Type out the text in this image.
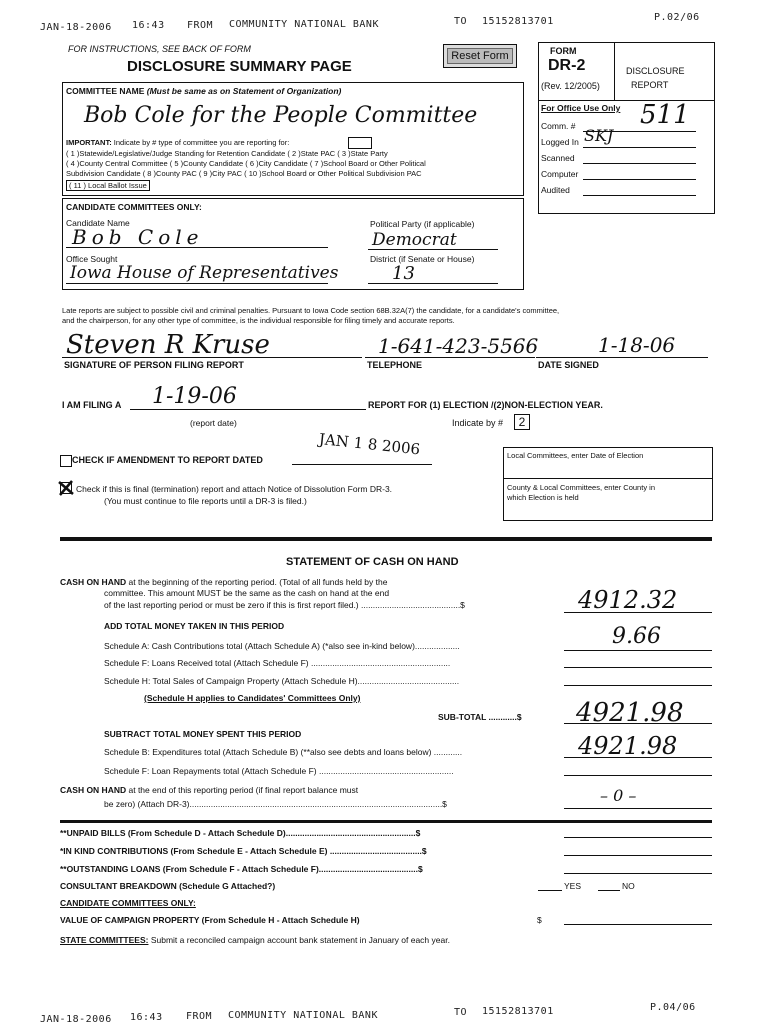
JAN-18-2006 16:43 FROM COMMUNITY NATIONAL BANK	TO 15152813701	P.02/06
FOR INSTRUCTIONS, SEE BACK OF FORM
DISCLOSURE SUMMARY PAGE
Reset Form	FORM
DR-2
(Rev. 12/2005)
DISCLOSURE
REPORT
For Office Use Only 511
Comm. #
Logged In SKJ
Scanned
Computer
Audited
COMMITTEE NAME (Must be same as on Statement of Organization)
Bob Cole for the People Committee
IMPORTANT: Indicate by # type of committee you are reporting for:
( 1 )Statewide/Legislative/Judge Standing for Retention Candidate ( 2 )State PAC ( 3 )State Party
( 4 )County Central Committee ( 5 )County Candidate ( 6 )City Candidate ( 7 )School Board or Other Political
Subdivision Candidate ( 8 )County PAC ( 9 )City PAC ( 10 )School Board or Other Political Subdivision PAC
( 11 ) Local Ballot Issue
CANDIDATE COMMITTEES ONLY:
Candidate Name
Bob Cole
Political Party (if applicable)
Democrat
Office Sought
Iowa House of Representatives
District (if Senate or House)
13
Late reports are subject to possible civil and criminal penalties. Pursuant to Iowa Code section 68B.32A(7) the candidate, for a candidate's committee,
and the chairperson, for any other type of committee, is the individual responsible for filing timely and accurate reports.
Steven R Kruse
SIGNATURE OF PERSON FILING REPORT
1-641-423-5566
TELEPHONE
1-18-06
DATE SIGNED
I AM FILING A 1-19-06
(report date)
REPORT FOR (1) ELECTION /(2)NON-ELECTION YEAR.
Indicate by #	2
JAN 1 8 2006
CHECK IF AMENDMENT TO REPORT DATED
Check if this is final (termination) report and attach Notice of Dissolution Form DR-3.
(You must continue to file reports until a DR-3 is filed.)
Local Committees, enter Date of Election
County & Local Committees, enter County in
which Election is held
STATEMENT OF CASH ON HAND
CASH ON HAND at the beginning of the reporting period. (Total of all funds held by the
committee. This amount MUST be the same as the cash on hand at the end
of the last reporting period or must be zero if this is first report filed.) ..........................................$	4912.32
ADD TOTAL MONEY TAKEN IN THIS PERIOD
Schedule A: Cash Contributions total (Attach Schedule A) (*also see in-kind below)...................	9.66
Schedule F: Loans Received total (Attach Schedule F) ...........................................................
Schedule H: Total Sales of Campaign Property (Attach Schedule H)...........................................
(Schedule H applies to Candidates' Committees Only)
SUB-TOTAL ............$ 4921.98
SUBTRACT TOTAL MONEY SPENT THIS PERIOD
Schedule B: Expenditures total (Attach Schedule B) (**also see debts and loans below) ............	4921.98
Schedule F: Loan Repayments total (Attach Schedule F) .........................................................
CASH ON HAND at the end of this reporting period (if final report balance must
be zero) (Attach DR-3)...........................................................................................................$	– 0 –
**UNPAID BILLS (From Schedule D - Attach Schedule D).......................................................$
*IN KIND CONTRIBUTIONS (From Schedule E - Attach Schedule E) .......................................$
**OUTSTANDING LOANS (From Schedule F - Attach Schedule F)..........................................$
CONSULTANT BREAKDOWN (Schedule G Attached?)	YES	NO
CANDIDATE COMMITTEES ONLY:
VALUE OF CAMPAIGN PROPERTY (From Schedule H - Attach Schedule H)	$
STATE COMMITTEES: Submit a reconciled campaign account bank statement in January of each year.
JAN-18-2006 16:43 FROM COMMUNITY NATIONAL BANK	TO 15152813701	P.04/06
